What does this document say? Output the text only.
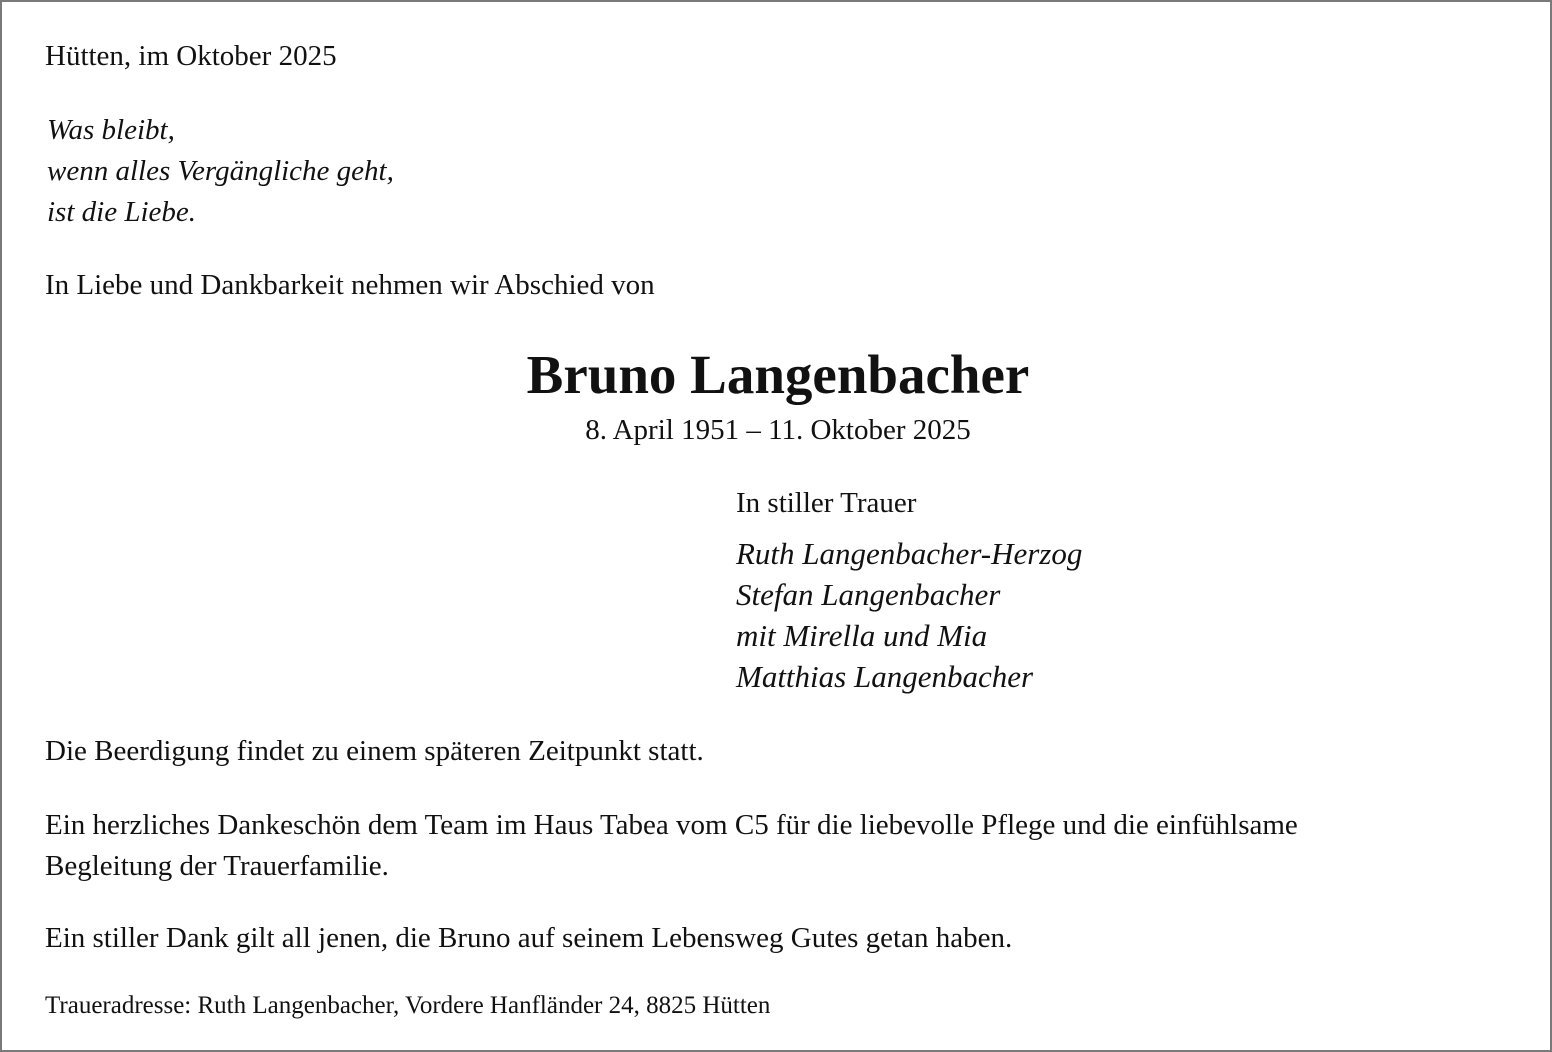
Hütten, im Oktober 2025

Was bleibt,
wenn alles Vergängliche geht,
ist die Liebe.

In Liebe und Dankbarkeit nehmen wir Abschied von

Bruno Langenbacher

8. April 1951 – 11. Oktober 2025

In stiller Trauer

Ruth Langenbacher-Herzog
Stefan Langenbacher
mit Mirella und Mia
Matthias Langenbacher

Die Beerdigung findet zu einem späteren Zeitpunkt statt.

Ein herzliches Dankeschön dem Team im Haus Tabea vom C5 für die liebevolle Pflege und die einfühlsame
Begleitung der Trauerfamilie.

Ein stiller Dank gilt all jenen, die Bruno auf seinem Lebensweg Gutes getan haben.

Traueradresse: Ruth Langenbacher, Vordere Hanfländer 24, 8825 Hütten
